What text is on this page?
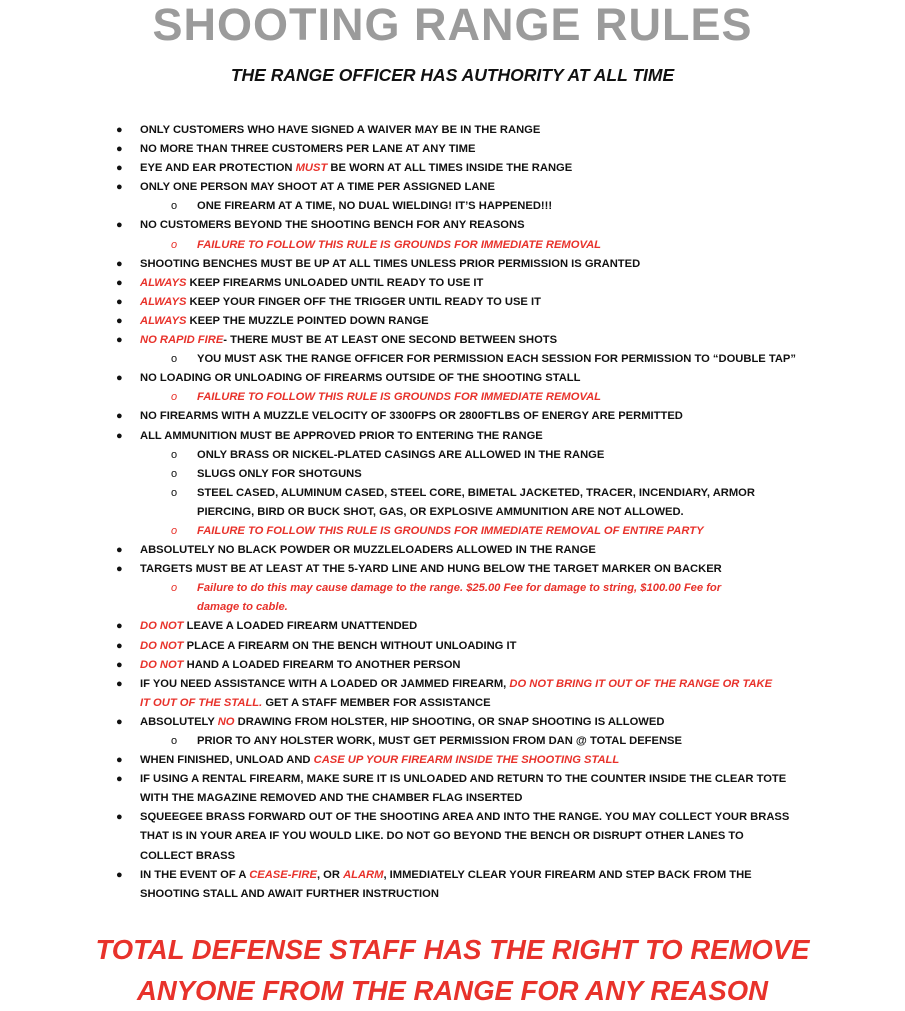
SHOOTING RANGE RULES
THE RANGE OFFICER HAS AUTHORITY AT ALL TIME
● ONLY CUSTOMERS WHO HAVE SIGNED A WAIVER MAY BE IN THE RANGE
● NO MORE THAN THREE CUSTOMERS PER LANE AT ANY TIME
● EYE AND EAR PROTECTION MUST BE WORN AT ALL TIMES INSIDE THE RANGE
● ONLY ONE PERSON MAY SHOOT AT A TIME PER ASSIGNED LANE
o ONE FIREARM AT A TIME, NO DUAL WIELDING! IT’S HAPPENED!!!
● NO CUSTOMERS BEYOND THE SHOOTING BENCH FOR ANY REASONS
o FAILURE TO FOLLOW THIS RULE IS GROUNDS FOR IMMEDIATE REMOVAL
● SHOOTING BENCHES MUST BE UP AT ALL TIMES UNLESS PRIOR PERMISSION IS GRANTED
● ALWAYS KEEP FIREARMS UNLOADED UNTIL READY TO USE IT
● ALWAYS KEEP YOUR FINGER OFF THE TRIGGER UNTIL READY TO USE IT
● ALWAYS KEEP THE MUZZLE POINTED DOWN RANGE
● NO RAPID FIRE- THERE MUST BE AT LEAST ONE SECOND BETWEEN SHOTS
o YOU MUST ASK THE RANGE OFFICER FOR PERMISSION EACH SESSION FOR PERMISSION TO “DOUBLE TAP”
● NO LOADING OR UNLOADING OF FIREARMS OUTSIDE OF THE SHOOTING STALL
o FAILURE TO FOLLOW THIS RULE IS GROUNDS FOR IMMEDIATE REMOVAL
● NO FIREARMS WITH A MUZZLE VELOCITY OF 3300FPS OR 2800FTLBS OF ENERGY ARE PERMITTED
● ALL AMMUNITION MUST BE APPROVED PRIOR TO ENTERING THE RANGE
o ONLY BRASS OR NICKEL-PLATED CASINGS ARE ALLOWED IN THE RANGE
o SLUGS ONLY FOR SHOTGUNS
o STEEL CASED, ALUMINUM CASED, STEEL CORE, BIMETAL JACKETED, TRACER, INCENDIARY, ARMOR
PIERCING, BIRD OR BUCK SHOT, GAS, OR EXPLOSIVE AMMUNITION ARE NOT ALLOWED.
o FAILURE TO FOLLOW THIS RULE IS GROUNDS FOR IMMEDIATE REMOVAL OF ENTIRE PARTY
● ABSOLUTELY NO BLACK POWDER OR MUZZLELOADERS ALLOWED IN THE RANGE
● TARGETS MUST BE AT LEAST AT THE 5-YARD LINE AND HUNG BELOW THE TARGET MARKER ON BACKER
o Failure to do this may cause damage to the range. $25.00 Fee for damage to string, $100.00 Fee for
damage to cable.
● DO NOT LEAVE A LOADED FIREARM UNATTENDED
● DO NOT PLACE A FIREARM ON THE BENCH WITHOUT UNLOADING IT
● DO NOT HAND A LOADED FIREARM TO ANOTHER PERSON
● IF YOU NEED ASSISTANCE WITH A LOADED OR JAMMED FIREARM, DO NOT BRING IT OUT OF THE RANGE OR TAKE
IT OUT OF THE STALL. GET A STAFF MEMBER FOR ASSISTANCE
● ABSOLUTELY NO DRAWING FROM HOLSTER, HIP SHOOTING, OR SNAP SHOOTING IS ALLOWED
o PRIOR TO ANY HOLSTER WORK, MUST GET PERMISSION FROM DAN @ TOTAL DEFENSE
● WHEN FINISHED, UNLOAD AND CASE UP YOUR FIREARM INSIDE THE SHOOTING STALL
● IF USING A RENTAL FIREARM, MAKE SURE IT IS UNLOADED AND RETURN TO THE COUNTER INSIDE THE CLEAR TOTE
WITH THE MAGAZINE REMOVED AND THE CHAMBER FLAG INSERTED
● SQUEEGEE BRASS FORWARD OUT OF THE SHOOTING AREA AND INTO THE RANGE. YOU MAY COLLECT YOUR BRASS
THAT IS IN YOUR AREA IF YOU WOULD LIKE. DO NOT GO BEYOND THE BENCH OR DISRUPT OTHER LANES TO
COLLECT BRASS
● IN THE EVENT OF A CEASE-FIRE, OR ALARM, IMMEDIATELY CLEAR YOUR FIREARM AND STEP BACK FROM THE
SHOOTING STALL AND AWAIT FURTHER INSTRUCTION
TOTAL DEFENSE STAFF HAS THE RIGHT TO REMOVE
ANYONE FROM THE RANGE FOR ANY REASON
